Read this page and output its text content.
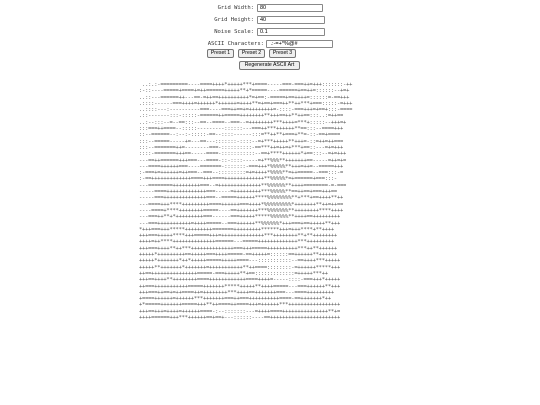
Grid Width:
80
Grid Height:
40
Noise Scale:
0.1
ASCII Characters:
.:-=+*%@#
Preset 1	Preset 2	Preset 3
Regenerate ASCII Art
..:.:-=========----====++++*+++++***+====-----===-===++=+++:::::::-++
:-::----=====+====+=++======+++++**+*=====----======+==++=::::::--+=+
..::---======++---==-=++==++++++++++*=+==:-=====+==++++=::::::=-==+++
.::::------===++++=++++++*++++++=++++**=+==+===++**++***+===:::::-=+++
..::::---:----------===----===++==+=++++++++=-::::-===+++=+==+:::-====
.::-------:::-:::::-======++=====++++++++**+++==++**++==:::..:=++==
..:--:::--=--==:::--==--====--===--=++++++++***++++=***+:::::--+++=+
:::===++====--:::::---------::::::---===++***++++++**==:::--====+++
::--======--:--:-:::::-==--::::------:::=**++**+===+**=-::-==+====
:::--=====-----+=---==---:::::::-::::--=+***+++++**+++=-::=++=++===
:::--=======++=--------===-::::::::::-==***++=++=+***+==::---=+=+++
::::-=======+++==-----====-:::::::::::--==+****++++++*+==:::--=+=+++
---==++======+++===---====-::-::::-----=+**%%%**+++++++==-----=++=+=
---====++++++===----=======-:::::::-===+++*%%%%%**+++=++=--=====+++
:-===+=++++++=++===--===--:::::::::=+=++++*%%%%**=++=====--===:::-=
:-==+++++++++++++====+++====+++++++++++++**%%%%%*=+======+===:::-
---========+++++++++===--=++++++++++++++**%%%%%%**++++========-=-===
-----====+++++++++++++===-----=+++++++++***%%%%%**==++==+===+++==
-----===++++++++++++++===--=====++++++****%%%%%%%%**+***+==++++**++
---====+++****+++++++++====++++++===++++*%%%%%%%%%*+++++++**++=++==
----====+****++++++++=====----==+++++++***%%%%%%%**++++++++****++++
---===++**+*+++++++++===------===+++++*****%%%%%%**++++==+++++++++
---===+++++++++++=++++=====--===++++++**%%%%%%*+++===+==+++++**+++
*+++===+++*****+++++++++=======+++++++++******+++=+++****+**++++
+++===+++++****+++=====+++=++++++++++++++***++++++++**+**++++++++
++++=++****++++++++++++++======---=====+++++++++++++***+++++++++
+++===++++**++***++++++++++++++===+++=====++++++++++***++**++++++
+++++*+++++++++==+++++===++++=====-==+++++=::::::==++++++**++++++
+++++*+++++++*++*+++++=====+++++====---:::::::::::--==++++***+++++
+++++**+++++++*+++++++=+++++++++++**++====::::::::-=++++++*****+++
++==+++++++++++++++=====-===+++++**+==:::::::::::::=+++++***++
+++==++++**++++++++====++++++++++++====++++=-----::::-===+++*+++++
++===+++++++++++=====+++++++*****+++++**++++=====---===++++++**+++
+++===++==+=++====++=++++++++***++++==+++++++===---====+++++++++
+====++++++=++++++***+++++++===++===++++++++++====-==+++++++*++
+*=====+++++++=====+++**++====++====+++=++++++***+++++++++++++++++
+++==+++=++++=++++++====-:--:::::::---=++++====+++++++++++++++**+=
++++======+++***++++++==+==+---::::::----==+++++++++++++++++++++++
